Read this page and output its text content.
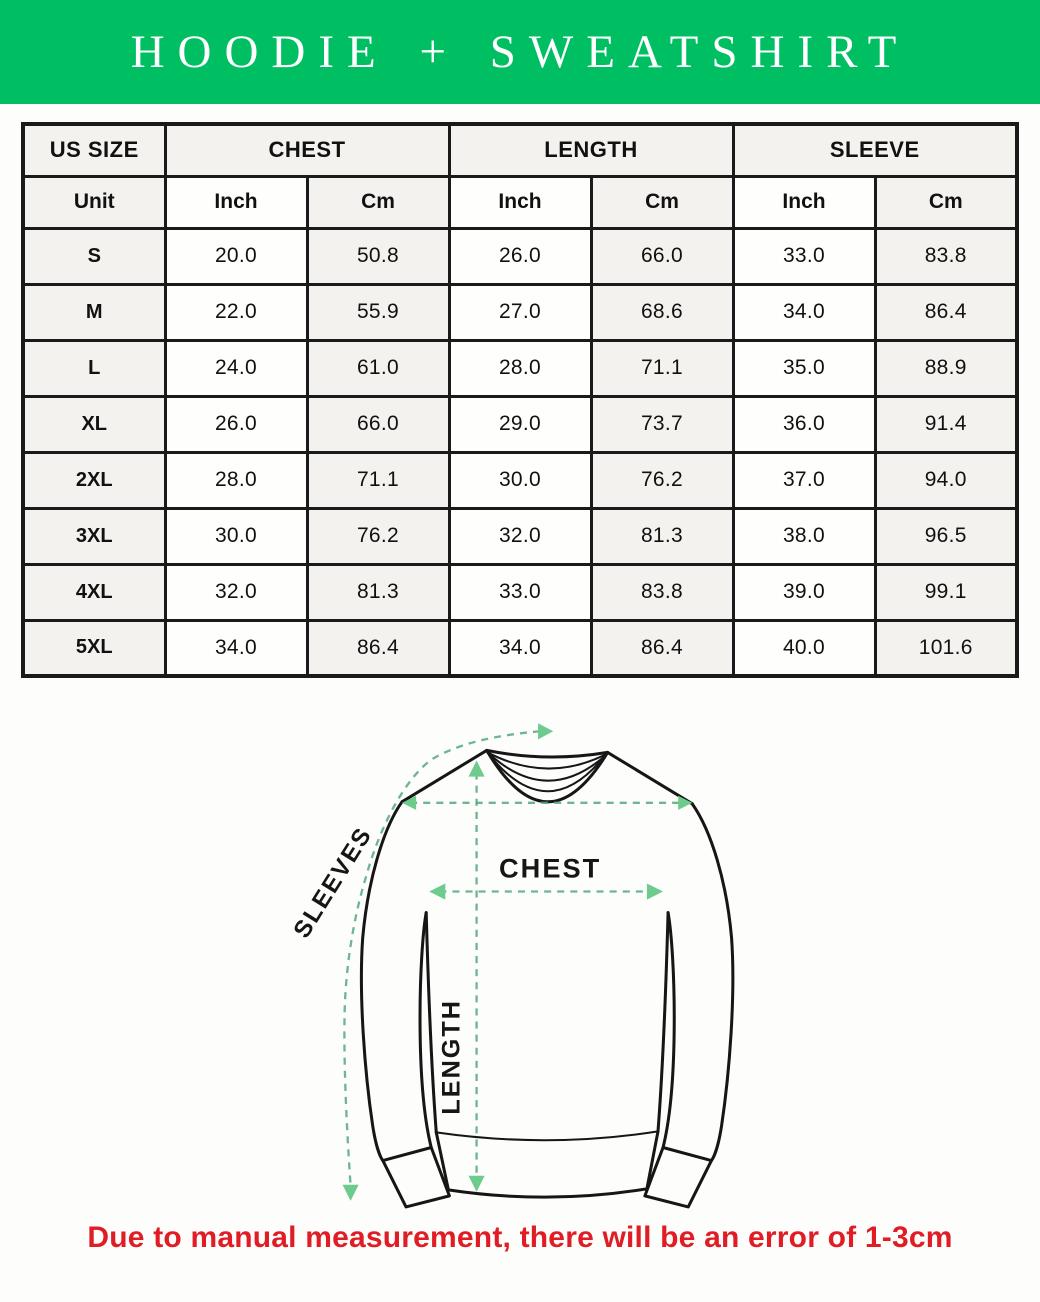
HOODIE + SWEATSHIRT
US SIZE	CHEST		LENGTH		SLEEVE	
Unit	Inch	Cm	Inch	Cm	Inch	Cm
S	20.0	50.8	26.0	66.0	33.0	83.8
M	22.0	55.9	27.0	68.6	34.0	86.4
L	24.0	61.0	28.0	71.1	35.0	88.9
XL	26.0	66.0	29.0	73.7	36.0	91.4
2XL	28.0	71.1	30.0	76.2	37.0	94.0
3XL	30.0	76.2	32.0	81.3	38.0	96.5
4XL	32.0	81.3	33.0	83.8	39.0	99.1
5XL	34.0	86.4	34.0	86.4	40.0	101.6
CHEST
LENGTH
SLEEVES

Due to manual measurement, there will be an error of 1-3cm
